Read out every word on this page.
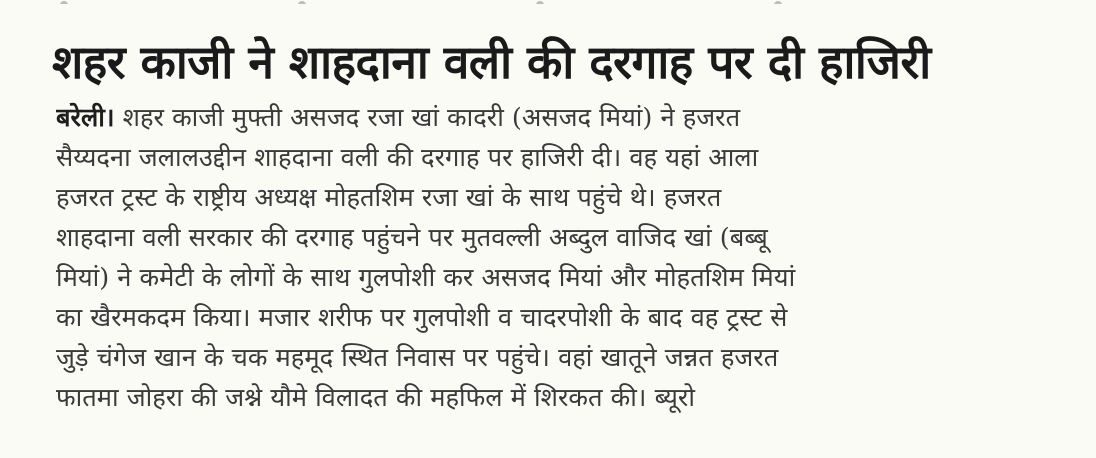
शहर काजी ने शाहदाना वली की दरगाह पर दी हाजिरी
बरेली। शहर काजी मुफ्ती असजद रजा खां कादरी (असजद मियां) ने हजरत
सैय्यदना जलालउद्दीन शाहदाना वली की दरगाह पर हाजिरी दी। वह यहां आला
हजरत ट्रस्ट के राष्ट्रीय अध्यक्ष मोहतशिम रजा खां के साथ पहुंचे थे। हजरत
शाहदाना वली सरकार की दरगाह पहुंचने पर मुतवल्ली अब्दुल वाजिद खां (बब्बू
मियां) ने कमेटी के लोगों के साथ गुलपोशी कर असजद मियां और मोहतशिम मियां
का खैरमकदम किया। मजार शरीफ पर गुलपोशी व चादरपोशी के बाद वह ट्रस्ट से
जुड़े चंगेज खान के चक महमूद स्थित निवास पर पहुंचे। वहां खातूने जन्नत हजरत
फातमा जोहरा की जश्ने यौमे विलादत की महफिल में शिरकत की। ब्यूरो
